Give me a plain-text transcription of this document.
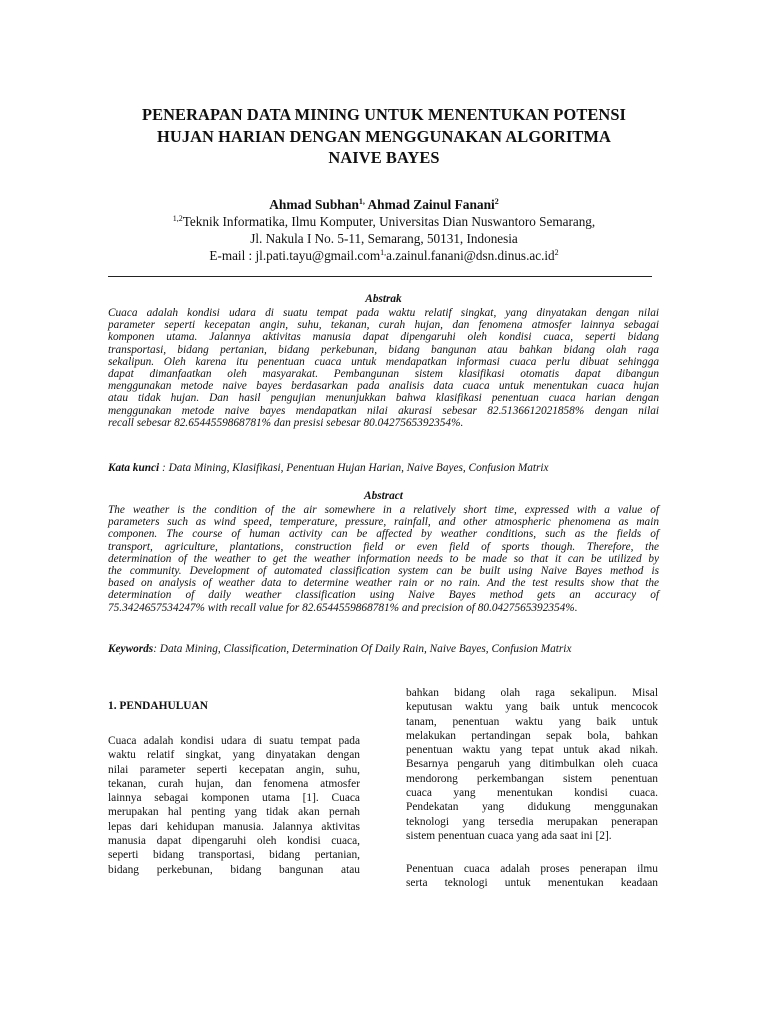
PENERAPAN DATA MINING UNTUK MENENTUKAN POTENSI
HUJAN HARIAN DENGAN MENGGUNAKAN ALGORITMA
NAIVE BAYES
Ahmad Subhan$^{1,}$ Ahmad Zainul Fanani$^2$
$^{1,2}$Teknik Informatika, Ilmu Komputer, Universitas Dian Nuswantoro Semarang,
Jl. Nakula I No. 5-11, Semarang, 50131, Indonesia
E-mail : $jl.pati.tayu@gmail.com^{1,}a.zainul.fanani@dsn.dinus.ac.id^2$
Abstrak
Cuaca adalah kondisi udara di suatu tempat pada waktu relatif singkat, yang dinyatakan dengan nilai
parameter seperti kecepatan angin, suhu, tekanan, curah hujan, dan fenomena atmosfer lainnya sebagai
komponen utama. Jalannya aktivitas manusia dapat dipengaruhi oleh kondisi cuaca, seperti bidang
transportasi, bidang pertanian, bidang perkebunan, bidang bangunan atau bahkan bidang olah raga
sekalipun. Oleh karena itu penentuan cuaca untuk mendapatkan informasi cuaca perlu dibuat sehingga
dapat dimanfaatkan oleh masyarakat. Pembangunan sistem klasifikasi otomatis dapat dibangun
menggunakan metode naive bayes berdasarkan pada analisis data cuaca untuk menentukan cuaca hujan
atau tidak hujan. Dan hasil pengujian menunjukkan bahwa klasifikasi penentuan cuaca harian dengan
menggunakan metode naive bayes mendapatkan nilai akurasi sebesar 82.5136612021858% dengan nilai
recall sebesar 82.6544559868781% dan presisi sebesar 80.0427565392354%.
Kata kunci : Data Mining, Klasifikasi, Penentuan Hujan Harian, Naive Bayes, Confusion Matrix
Abstract
The weather is the condition of the air somewhere in a relatively short time, expressed with a value of
parameters such as wind speed, temperature, pressure, rainfall, and other atmospheric phenomena as main
componen. The course of human activity can be affected by weather conditions, such as the fields of
transport, agriculture, plantations, construction field or even field of sports though. Therefore, the
determination of the weather to get the weather information needs to be made so that it can be utilized by
the community. Development of automated classification system can be built using Naive Bayes method is
based on analysis of weather data to determine weather rain or no rain. And the test results show that the
determination of daily weather classification using Naive Bayes method gets an accuracy of
75.3424657534247% with recall value for 82.6544559868781% and precision of 80.0427565392354%.
Keywords: Data Mining, Classification, Determination Of Daily Rain, Naive Bayes, Confusion Matrix
1. PENDAHULUAN
Cuaca adalah kondisi udara di suatu tempat pada
waktu relatif singkat, yang dinyatakan dengan
nilai parameter seperti kecepatan angin, suhu,
tekanan, curah hujan, dan fenomena atmosfer
lainnya sebagai komponen utama [1]. Cuaca
merupakan hal penting yang tidak akan pernah
lepas dari kehidupan manusia. Jalannya aktivitas
manusia dapat dipengaruhi oleh kondisi cuaca,
seperti bidang transportasi, bidang pertanian,
bidang perkebunan, bidang bangunan atau
bahkan bidang olah raga sekalipun. Misal
keputusan waktu yang baik untuk mencocok
tanam, penentuan waktu yang baik untuk
melakukan pertandingan sepak bola, bahkan
penentuan waktu yang tepat untuk akad nikah.
Besarnya pengaruh yang ditimbulkan oleh cuaca
mendorong perkembangan sistem penentuan
cuaca yang menentukan kondisi cuaca.
Pendekatan yang didukung menggunakan
teknologi yang tersedia merupakan penerapan
sistem penentuan cuaca yang ada saat ini [2].
Penentuan cuaca adalah proses penerapan ilmu
serta teknologi untuk menentukan keadaan
